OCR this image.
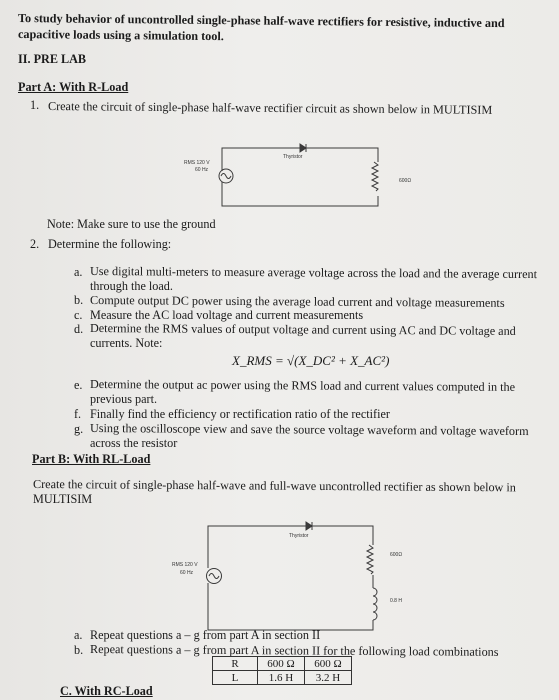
To study behavior of uncontrolled single-phase half-wave rectifiers for resistive, inductive and
capacitive loads using a simulation tool.
II. PRE LAB
Part A: With R-Load
1. Create the circuit of single-phase half-wave rectifier circuit as shown below in MULTISIM
RMS 120 V
60 Hz
Thyristor
600Ω
Note: Make sure to use the ground
2. Determine the following:
a. Use digital multi-meters to measure average voltage across the load and the average current
through the load.
b. Compute output DC power using the average load current and voltage measurements
c. Measure the AC load voltage and current measurements
d. Determine the RMS values of output voltage and current using AC and DC voltage and
currents. Note:
X_RMS = √(X_DC² + X_AC²)
e. Determine the output ac power using the RMS load and current values computed in the
previous part.
f. Finally find the efficiency or rectification ratio of the rectifier
g. Using the oscilloscope view and save the source voltage waveform and voltage waveform
across the resistor
Part B: With RL-Load
Create the circuit of single-phase half-wave and full-wave uncontrolled rectifier as shown below in
MULTISIM
RMS 120 V
60 Hz
Thyristor
600Ω
0.8 H
a. Repeat questions a – g from part A in section II
b. Repeat questions a – g from part A in section II for the following load combinations
R	600 Ω	600 Ω
L	1.6 H	3.2 H
C. With RC-Load
